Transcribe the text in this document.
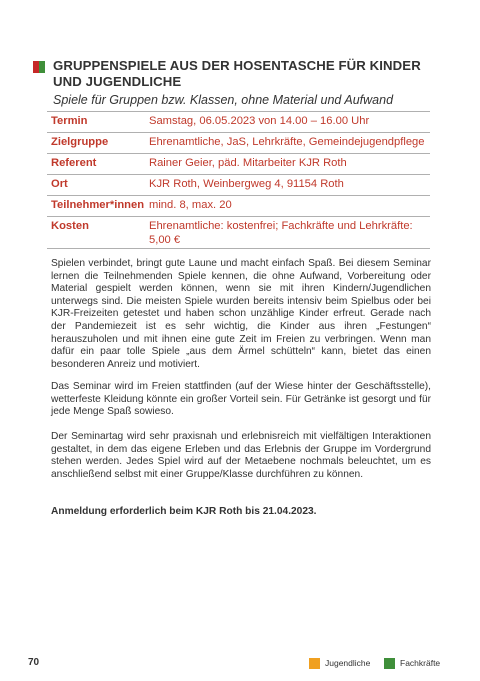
GRUPPENSPIELE AUS DER HOSENTASCHE FÜR KINDER UND JUGENDLICHE
Spiele für Gruppen bzw. Klassen, ohne Material und Aufwand
Termin	Samstag, 06.05.2023 von 14.00 – 16.00 Uhr
Zielgruppe	Ehrenamtliche, JaS, Lehrkräfte, Gemeindejugendpflege
Referent	Rainer Geier, päd. Mitarbeiter KJR Roth
Ort	KJR Roth, Weinbergweg 4, 91154 Roth
Teilnehmer*innen	mind. 8, max. 20
Kosten	Ehrenamtliche: kostenfrei; Fachkräfte und Lehrkräfte: 5,00 €

Spielen verbindet, bringt gute Laune und macht einfach Spaß. Bei diesem Seminar lernen die Teilnehmenden Spiele kennen, die ohne Aufwand, Vorbereitung oder Material gespielt werden können, wenn sie mit ihren Kindern/Jugendlichen unterwegs sind. Die meisten Spiele wurden bereits intensiv beim Spielbus oder bei KJR-Freizeiten getestet und haben schon unzählige Kinder erfreut. Gerade nach der Pandemiezeit ist es sehr wichtig, die Kinder aus ihren „Festungen“ herauszuholen und mit ihnen eine gute Zeit im Freien zu verbringen. Wenn man dafür ein paar tolle Spiele „aus dem Ärmel schütteln“ kann, bietet das einen besonderen Anreiz und motiviert.

Das Seminar wird im Freien stattfinden (auf der Wiese hinter der Geschäftsstelle), wetterfeste Kleidung könnte ein großer Vorteil sein. Für Getränke ist gesorgt und für jede Menge Spaß sowieso.

Der Seminartag wird sehr praxisnah und erlebnisreich mit vielfältigen Interaktionen gestaltet, in dem das eigene Erleben und das Erlebnis der Gruppe im Vordergrund stehen werden. Jedes Spiel wird auf der Metaebene nochmals beleuchtet, um es anschließend selbst mit einer Gruppe/Klasse durchführen zu können.

Anmeldung erforderlich beim KJR Roth bis 21.04.2023.

70	Jugendliche	Fachkräfte
